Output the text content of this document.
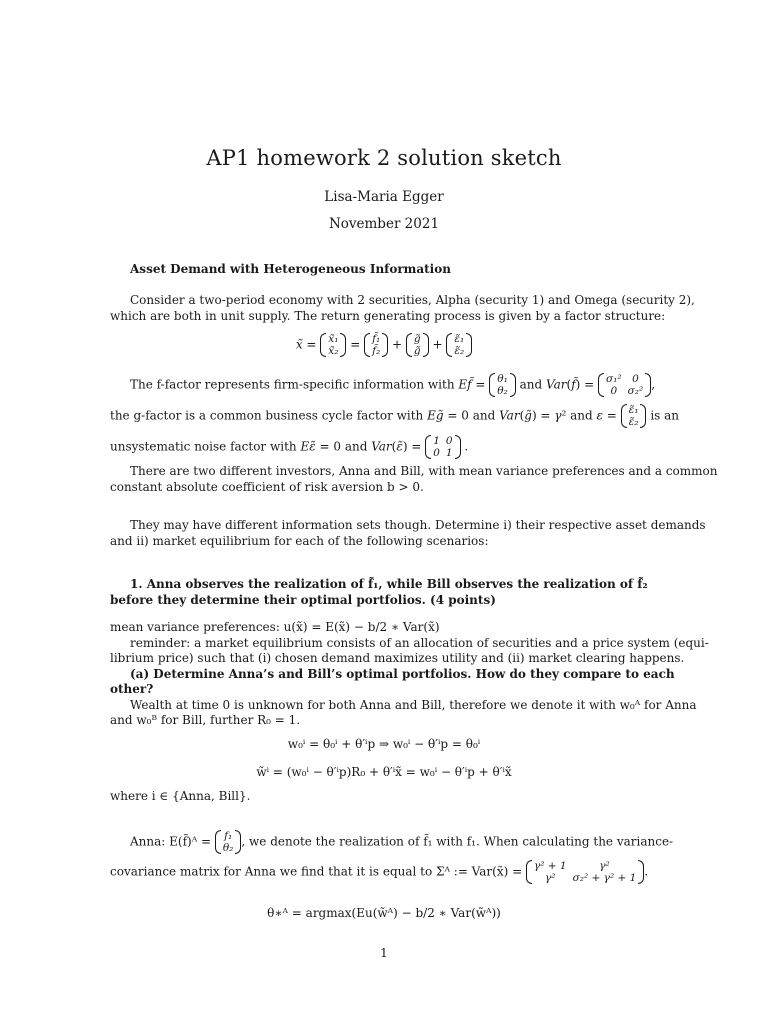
AP1 homework 2 solution sketch
Lisa-Maria Egger
November 2021
Asset Demand with Heterogeneous Information
Consider a two-period economy with 2 securities, Alpha (security 1) and Omega (security 2),
which are both in unit supply. The return generating process is given by a factor structure:
x̃ = x̃₁
x̃₂ = f̃₁
f̃₂ + g̃
g̃ + ε̃₁
ε̃₂
The f-factor represents firm-specific information with Ef̃ = θ₁
θ₂ and Var(f̃) = σ₁²	0
0	σ₂² ,
the g-factor is a common business cycle factor with Eg̃ = 0 and Var(g̃) = γ² and ε = ε̃₁
ε̃₂ is an
unsystematic noise factor with Eε̃ = 0 and Var(ε̃) = 1	0
0	1 .
There are two different investors, Anna and Bill, with mean variance preferences and a common
constant absolute coefficient of risk aversion b > 0.
They may have different information sets though. Determine i) their respective asset demands
and ii) market equilibrium for each of the following scenarios:
1. Anna observes the realization of f̃₁, while Bill observes the realization of f̃₂
before they determine their optimal portfolios. (4 points)
mean variance preferences: u(x̃) = E(x̃) − b/2 ∗ Var(x̃)
reminder: a market equilibrium consists of an allocation of securities and a price system (equi-
librium price) such that (i) chosen demand maximizes utility and (ii) market clearing happens.
(a) Determine Anna’s and Bill’s optimal portfolios. How do they compare to each
other?
Wealth at time 0 is unknown for both Anna and Bill, therefore we denote it with w₀ᴬ for Anna
and w₀ᴮ for Bill, further R₀ = 1.
w₀ⁱ = θ₀ⁱ + θ′ⁱp ⇒ w₀ⁱ − θ′ⁱp = θ₀ⁱ
w̃ⁱ = (w₀ⁱ − θ′ⁱp)R₀ + θ′ⁱx̃ = w₀ⁱ − θ′ⁱp + θ′ⁱx̃
where i ∈ {Anna, Bill}.
Anna: E(f̃)ᴬ = f₁
θ₂ , we denote the realization of f̃₁ with f₁. When calculating the variance-
covariance matrix for Anna we find that it is equal to Σᴬ := Var(x̃) = γ² + 1	γ²
γ²	σ₂² + γ² + 1 .
θ∗ᴬ = argmax(Eu(w̃ᴬ) − b/2 ∗ Var(w̃ᴬ))
1
